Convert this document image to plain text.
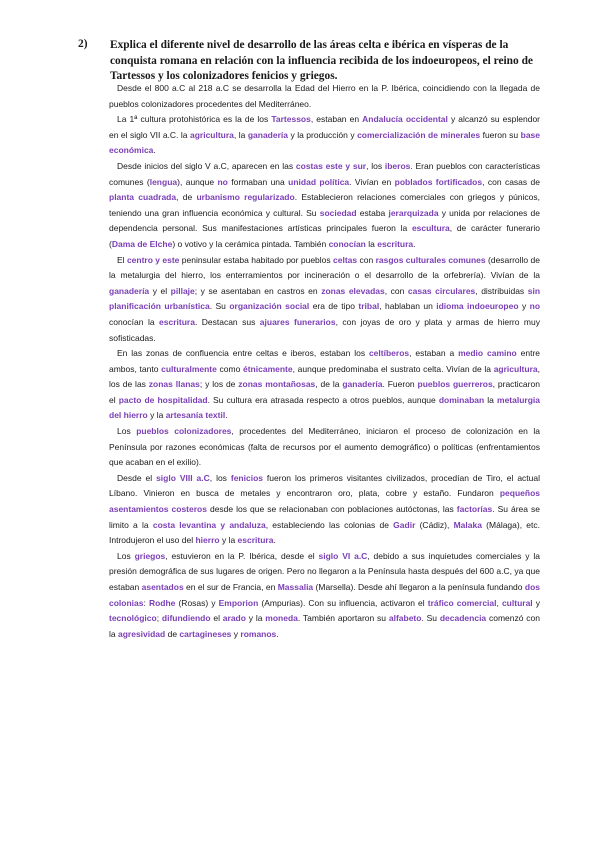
2) Explica el diferente nivel de desarrollo de las áreas celta e ibérica en vísperas de la conquista romana en relación con la influencia recibida de los indoeuropeos, el reino de Tartessos y los colonizadores fenicios y griegos.

Desde el 800 a.C al 218 a.C se desarrolla la Edad del Hierro en la P. Ibérica, coincidiendo con la llegada de pueblos colonizadores procedentes del Mediterráneo.

La 1ª cultura protohistórica es la de los Tartessos, estaban en Andalucía occidental y alcanzó su esplendor en el siglo VII a.C. la agricultura, la ganadería y la producción y comercialización de minerales fueron su base económica.

Desde inicios del siglo V a.C, aparecen en las costas este y sur, los iberos. Eran pueblos con características comunes (lengua), aunque no formaban una unidad política. Vivían en poblados fortificados, con casas de planta cuadrada, de urbanismo regularizado. Establecieron relaciones comerciales con griegos y púnicos, teniendo una gran influencia económica y cultural. Su sociedad estaba jerarquizada y unida por relaciones de dependencia personal. Sus manifestaciones artísticas principales fueron la escultura, de carácter funerario (Dama de Elche) o votivo y la cerámica pintada. También conocían la escritura.

El centro y este peninsular estaba habitado por pueblos celtas con rasgos culturales comunes (desarrollo de la metalurgia del hierro, los enterramientos por incineración o el desarrollo de la orfebrería). Vivían de la ganadería y el pillaje; y se asentaban en castros en zonas elevadas, con casas circulares, distribuidas sin planificación urbanística. Su organización social era de tipo tribal, hablaban un idioma indoeuropeo y no conocían la escritura. Destacan sus ajuares funerarios, con joyas de oro y plata y armas de hierro muy sofisticadas.

En las zonas de confluencia entre celtas e iberos, estaban los celtíberos, estaban a medio camino entre ambos, tanto culturalmente como étnicamente, aunque predominaba el sustrato celta. Vivían de la agricultura, los de las zonas llanas; y los de zonas montañosas, de la ganadería. Fueron pueblos guerreros, practicaron el pacto de hospitalidad. Su cultura era atrasada respecto a otros pueblos, aunque dominaban la metalurgia del hierro y la artesanía textil.

Los pueblos colonizadores, procedentes del Mediterráneo, iniciaron el proceso de colonización en la Península por razones económicas (falta de recursos por el aumento demográfico) o políticas (enfrentamientos que acaban en el exilio).

Desde el siglo VIII a.C, los fenicios fueron los primeros visitantes civilizados, procedían de Tiro, el actual Líbano. Vinieron en busca de metales y encontraron oro, plata, cobre y estaño. Fundaron pequeños asentamientos costeros desde los que se relacionaban con poblaciones autóctonas, las factorías. Su área se limito a la costa levantina y andaluza, estableciendo las colonias de Gadir (Cádiz), Malaka (Málaga), etc. Introdujeron el uso del hierro y la escritura.

Los griegos, estuvieron en la P. Ibérica, desde el siglo VI a.C, debido a sus inquietudes comerciales y la presión demográfica de sus lugares de origen. Pero no llegaron a la Península hasta después del 600 a.C, ya que estaban asentados en el sur de Francia, en Massalia (Marsella). Desde ahí llegaron a la península fundando dos colonias: Rodhe (Rosas) y Emporion (Ampurias). Con su influencia, activaron el tráfico comercial, cultural y tecnológico; difundiendo el arado y la moneda. También aportaron su alfabeto. Su decadencia comenzó con la agresividad de cartagineses y romanos.
